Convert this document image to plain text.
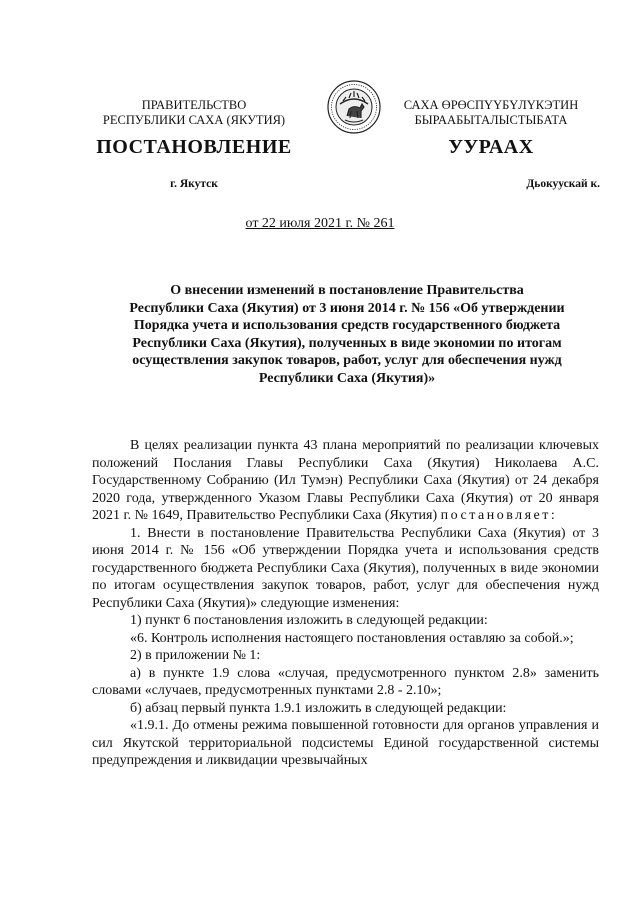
ПРАВИТЕЛЬСТВО
РЕСПУБЛИКИ САХА (ЯКУТИЯ)
САХА ӨРӨСПҮҮБҮЛҮКЭТИН
БЫРААБЫТАЛЫСТЫБАТА
ПОСТАНОВЛЕНИЕ	УУРААХ
г. Якутск	Дьокуускай к.
от 22 июля 2021 г. № 261
О внесении изменений в постановление Правительства
Республики Саха (Якутия) от 3 июня 2014 г. № 156 «Об утверждении
Порядка учета и использования средств государственного бюджета
Республики Саха (Якутия), полученных в виде экономии по итогам
осуществления закупок товаров, работ, услуг для обеспечения нужд
Республики Саха (Якутия)»

В целях реализации пункта 43 плана мероприятий по реализации ключевых положений Послания Главы Республики Саха (Якутия) Николаева А.С. Государственному Собранию (Ил Тумэн) Республики Саха (Якутия) от 24 декабря 2020 года, утвержденного Указом Главы Республики Саха (Якутия) от 20 января 2021 г. № 1649, Правительство Республики Саха (Якутия) постановляет:

1. Внести в постановление Правительства Республики Саха (Якутия) от 3 июня 2014 г. № 156 «Об утверждении Порядка учета и использования средств государственного бюджета Республики Саха (Якутия), полученных в виде экономии по итогам осуществления закупок товаров, работ, услуг для обеспечения нужд Республики Саха (Якутия)» следующие изменения:

1) пункт 6 постановления изложить в следующей редакции:

«6. Контроль исполнения настоящего постановления оставляю за собой.»;

2) в приложении № 1:

а) в пункте 1.9 слова «случая, предусмотренного пунктом 2.8» заменить словами «случаев, предусмотренных пунктами 2.8 - 2.10»;

б) абзац первый пункта 1.9.1 изложить в следующей редакции:

«1.9.1. До отмены режима повышенной готовности для органов управления и сил Якутской территориальной подсистемы Единой государственной системы предупреждения и ликвидации чрезвычайных
